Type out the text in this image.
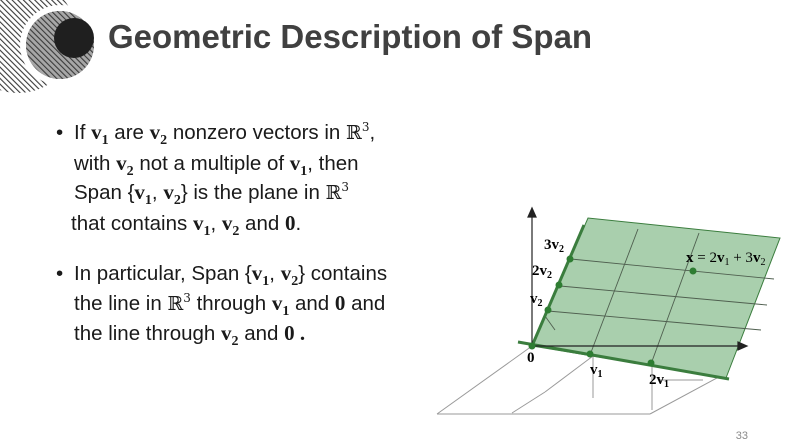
Geometric Description of Span
• If $v_1$ are $v_2$ nonzero vectors in ℝ$^3$,
with $v_2$ not a multiple of $v_1$, then
Span {$v_1$, $v_2$} is the plane in ℝ$^3$
that contains $v_1$, $v_2$ and 0.
• In particular, Span {$v_1$, $v_2$} contains
the line in ℝ$^3$ through $v_1$ and 0 and
the line through $v_2$ and 0 .
0
$v_1$	$2v_1$
$v_2$
$2v_2$
$3v_2$
$x = 2v_1 + 3v_2$
33
